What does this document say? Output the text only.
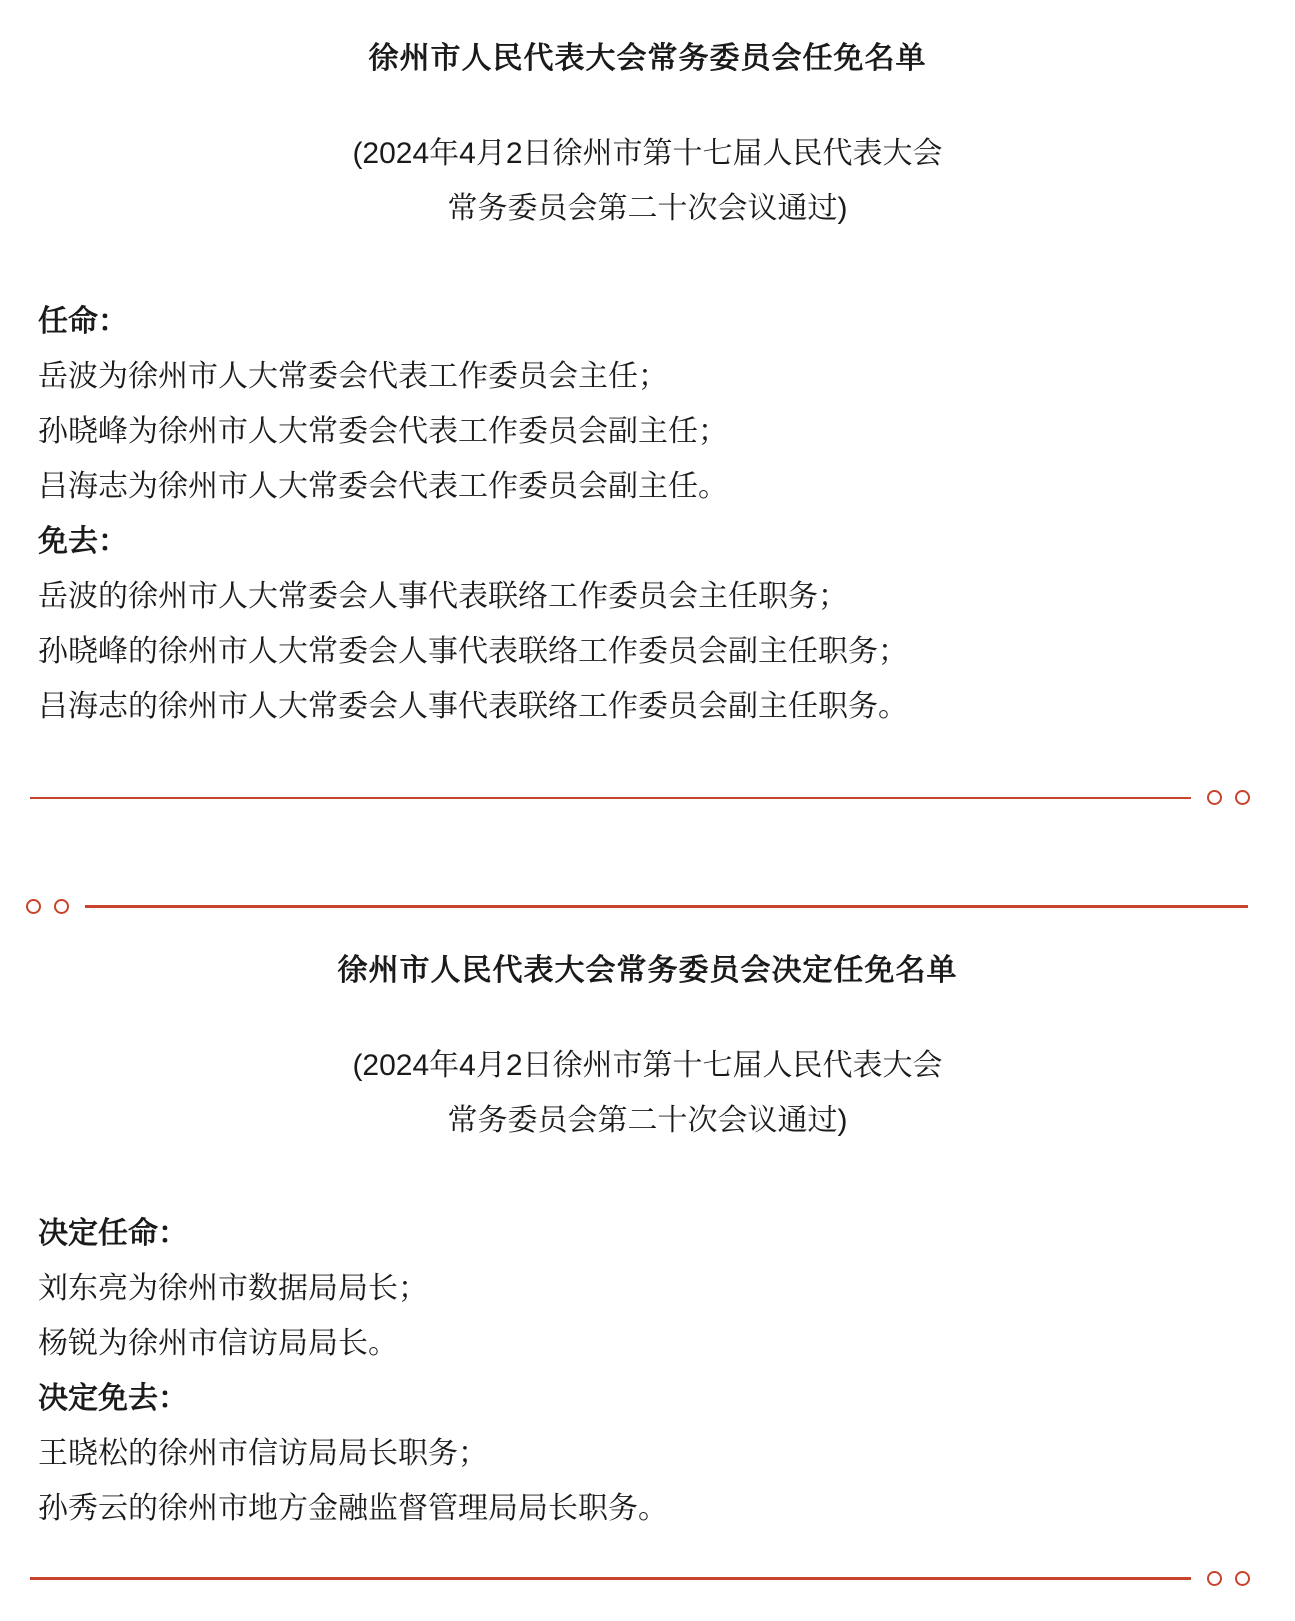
徐州市人民代表大会常务委员会任免名单

(2024年4月2日徐州市第十七届人民代表大会

常务委员会第二十次会议通过)

任命：

岳波为徐州市人大常委会代表工作委员会主任；

孙晓峰为徐州市人大常委会代表工作委员会副主任；

吕海志为徐州市人大常委会代表工作委员会副主任。

免去：

岳波的徐州市人大常委会人事代表联络工作委员会主任职务；

孙晓峰的徐州市人大常委会人事代表联络工作委员会副主任职务；

吕海志的徐州市人大常委会人事代表联络工作委员会副主任职务。

徐州市人民代表大会常务委员会决定任免名单

(2024年4月2日徐州市第十七届人民代表大会

常务委员会第二十次会议通过)

决定任命：

刘东亮为徐州市数据局局长；

杨锐为徐州市信访局局长。

决定免去：

王晓松的徐州市信访局局长职务；

孙秀云的徐州市地方金融监督管理局局长职务。
